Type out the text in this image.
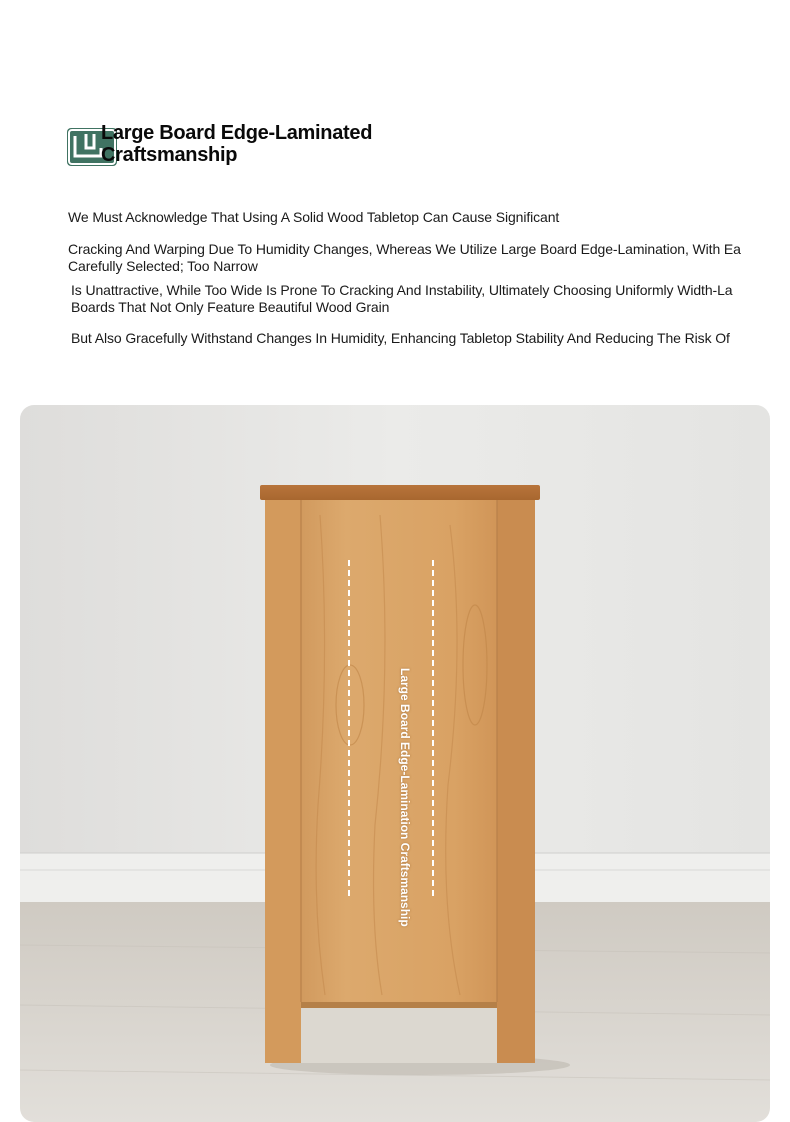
Large Board Edge-Laminated
Craftsmanship
We Must Acknowledge That Using A Solid Wood Tabletop Can Cause Significant
Cracking And Warping Due To Humidity Changes, Whereas We Utilize Large Board Edge-Lamination, With Ea
Carefully Selected; Too Narrow
Is Unattractive, While Too Wide Is Prone To Cracking And Instability, Ultimately Choosing Uniformly Width-La
Boards That Not Only Feature Beautiful Wood Grain
But Also Gracefully Withstand Changes In Humidity, Enhancing Tabletop Stability And Reducing The Risk Of
Large Board Edge-Lamination Craftsmanship
